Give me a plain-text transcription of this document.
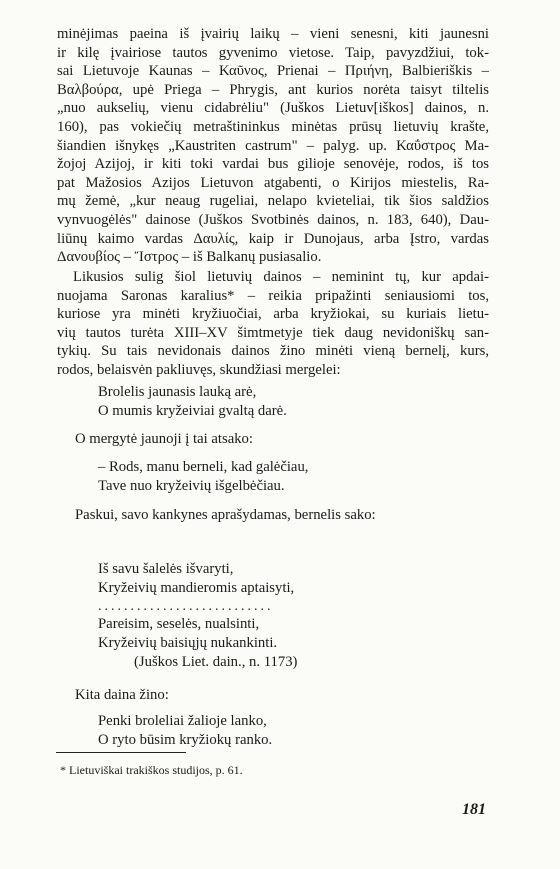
minėjimas paeina iš įvairių laikų – vieni senesni, kiti jaunesni
ir kilę įvairiose tautos gyvenimo vietose. Taip, pavyzdžiui, tok-
sai Lietuvoje Kaunas – Καῦνος, Prienai – Πριήνη, Balbieriškis –
Βαλβούρα, upė Priega – Phrygis, ant kurios norėta taisyt tiltelis
„nuo aukselių, vienu cidabrėliu" (Juškos Lietuv[iškos] dainos, n.
160), pas vokiečių metraštininkus minėtas prūsų lietuvių krašte,
šiandien išnykęs „Kaustriten castrum" – palyg. up. Καΰστρος Ma-
žojoj Azijoj, ir kiti toki vardai bus gilioje senovėje, rodos, iš tos
pat Mažosios Azijos Lietuvon atgabenti, o Kirijos miestelis, Ra-
mų žemė, „kur neaug rugeliai, nelapo kvieteliai, tik šios saldžios
vynvuogėlės" dainose (Juškos Svotbinės dainos, n. 183, 640), Dau-
liūnų kaimo vardas Δαυλίς, kaip ir Dunojaus, arba Įstro, vardas
Δανουβίος – Ἴστρος – iš Balkanų pusiasalio.
Likusios sulig šiol lietuvių dainos – neminint tų, kur apdai-
nuojama Saronas karalius* – reikia pripažinti seniausiomi tos,
kuriose yra minėti kryžiuočiai, arba kryžiokai, su kuriais lietu-
vių tautos turėta XIII–XV šimtmetyje tiek daug nevidoniškų san-
tykių. Su tais nevidonais dainos žino minėti vieną bernelį, kurs,
rodos, belaisvėn pakliuvęs, skundžiasi mergelei:
Brolelis jaunasis lauką arė,
O mumis kryžeiviai gvaltą darė.
O mergytė jaunoji į tai atsako:
– Rods, manu berneli, kad galėčiau,
Tave nuo kryžeivių išgelbėčiau.
Paskui, savo kankynes aprašydamas, bernelis sako:
Iš savu šalelės išvaryti,
Kryžeivių mandieromis aptaisyti,
...........................
Pareisim, seselės, nualsinti,
Kryžeivių baisiųjų nukankinti.
(Juškos Liet. dain., n. 1173)
Kita daina žino:
Penki broleliai žalioje lanko,
O ryto būsim kryžiokų ranko.
* Lietuviškai trakiškos studijos, p. 61.
181
